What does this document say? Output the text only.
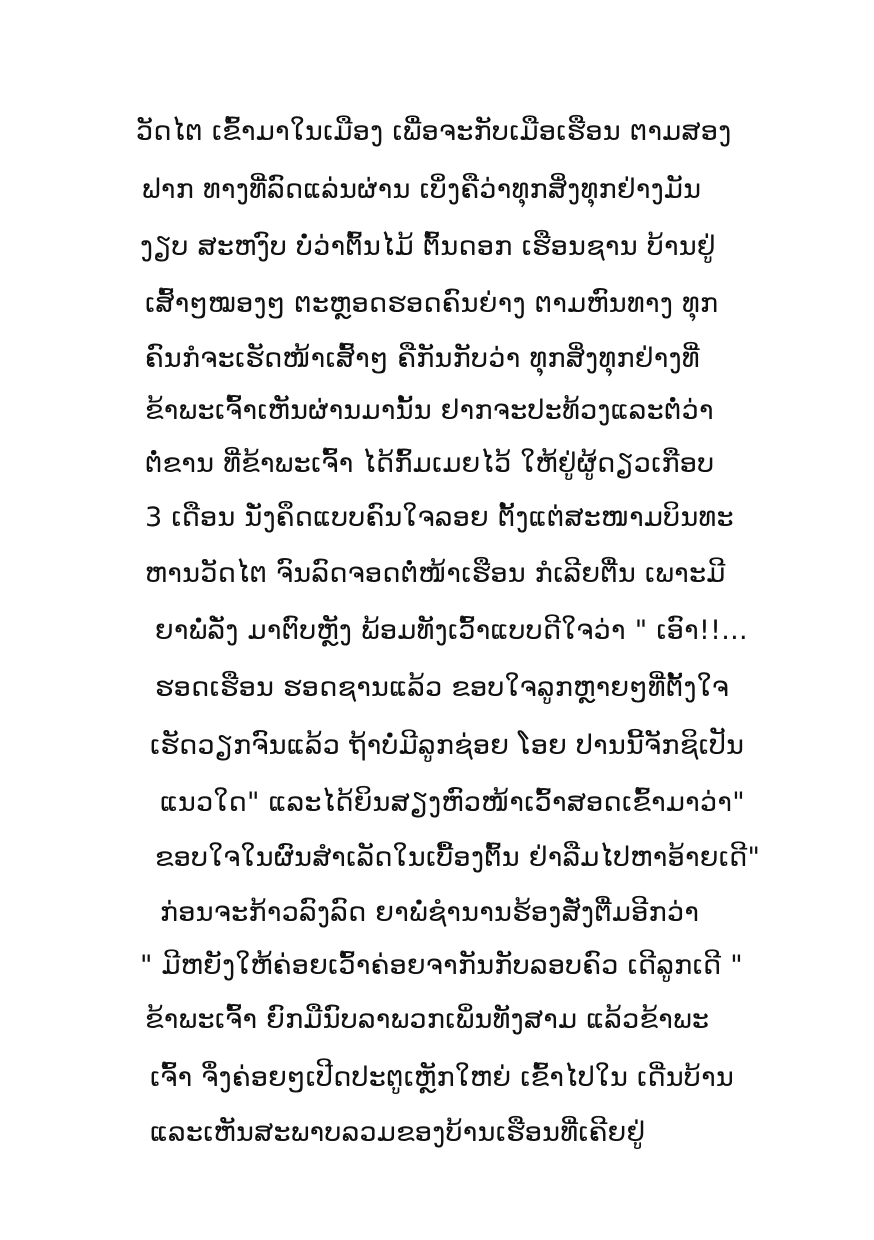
ວັດໄຕ ເຂົ້າມາໃນເມືອງ ເພື່ອຈະກັບເມືອເຮືອນ ຕາມສອງ
ຟາກ ທາງທີ່ລົດແລ່ນຜ່ານ ເບິ່ງຄືວ່າທຸກສິ່ງທຸກຢ່າງມັນ
ງຽບ ສະຫງົບ ບໍ່ວ່າຕົ້ນໄມ້ ຕົ້ນດອກ ເຮືອນຊານ ບ້ານຢູ່
ເສົ້າໆໝອງໆ ຕະຫຼອດຮອດຄົນຍ່າງ ຕາມຫົນທາງ ທຸກ
ຄົນກໍຈະເຮັດໜ້າເສົ້າໆ ຄືກັນກັບວ່າ ທຸກສິ່ງທຸກຢ່າງທີ່
ຂ້າພະເຈົ້າເຫັນຜ່ານມານັ້ນ ຢາກຈະປະທ້ວງແລະຕໍ່ວ່າ
ຕໍ່ຂານ ທີ່ຂ້າພະເຈົ້າ ໄດ້ກົ້ມເມຍໄວ້ ໃຫ້ຢູ່ຜູ້ດຽວເກືອບ
3 ເດືອນ ນັ່ງຄຶດແບບຄົນໃຈລອຍ ຕັ້ງແຕ່ສະໜາມບິນທະ
ຫານວັດໄຕ ຈົນລົດຈອດຕໍ່ໜ້າເຮືອນ ກໍເລີຍຕື່ນ ເພາະມີ
ຍາພໍ່ລັ່ງ ມາຕົບຫຼັງ ພ້ອມທັງເວົ້າແບບດີໃຈວ່າ " ເອົາ!!...
ຮອດເຮືອນ ຮອດຊານແລ້ວ ຂອບໃຈລູກຫຼາຍໆທີ່ຕັ້ງໃຈ
ເຮັດວຽກຈົນແລ້ວ ຖ້າບໍ່ມີລູກຊ່ອຍ ໂອຍ ປານນີ້ຈັກຊິເປັນ
ແນວໃດ" ແລະໄດ້ຍິນສຽງຫົວໜ້າເວົ້າສອດເຂົ້າມາວ່າ"
ຂອບໃຈໃນຜົນສຳເລັດໃນເບື້ອງຕົ້ນ ຢ່າລືມໄປຫາອ້າຍເດີ"
ກ່ອນຈະກ້າວລົງລົດ ຍາພໍ່ຊຳນານຮ້ອງສັ່ງຕື່ມອີກວ່າ
" ມີຫຍັງໃຫ້ຄ່ອຍເວົ້າຄ່ອຍຈາກັນກັບລອບຄົວ ເດີລູກເດີ "
ຂ້າພະເຈົ້າ ຍົກມືນົບລາພວກເພິ່ນທັງສາມ ແລ້ວຂ້າພະ
ເຈົ້າ ຈຶ່ງຄ່ອຍໆເປີດປະຕູເຫຼັກໃຫຍ່ ເຂົ້າໄປໃນ ເດີ່ນບ້ານ
ແລະເຫັນສະພາບລວມຂອງບ້ານເຮືອນທີ່ເຄີຍຢູ່
